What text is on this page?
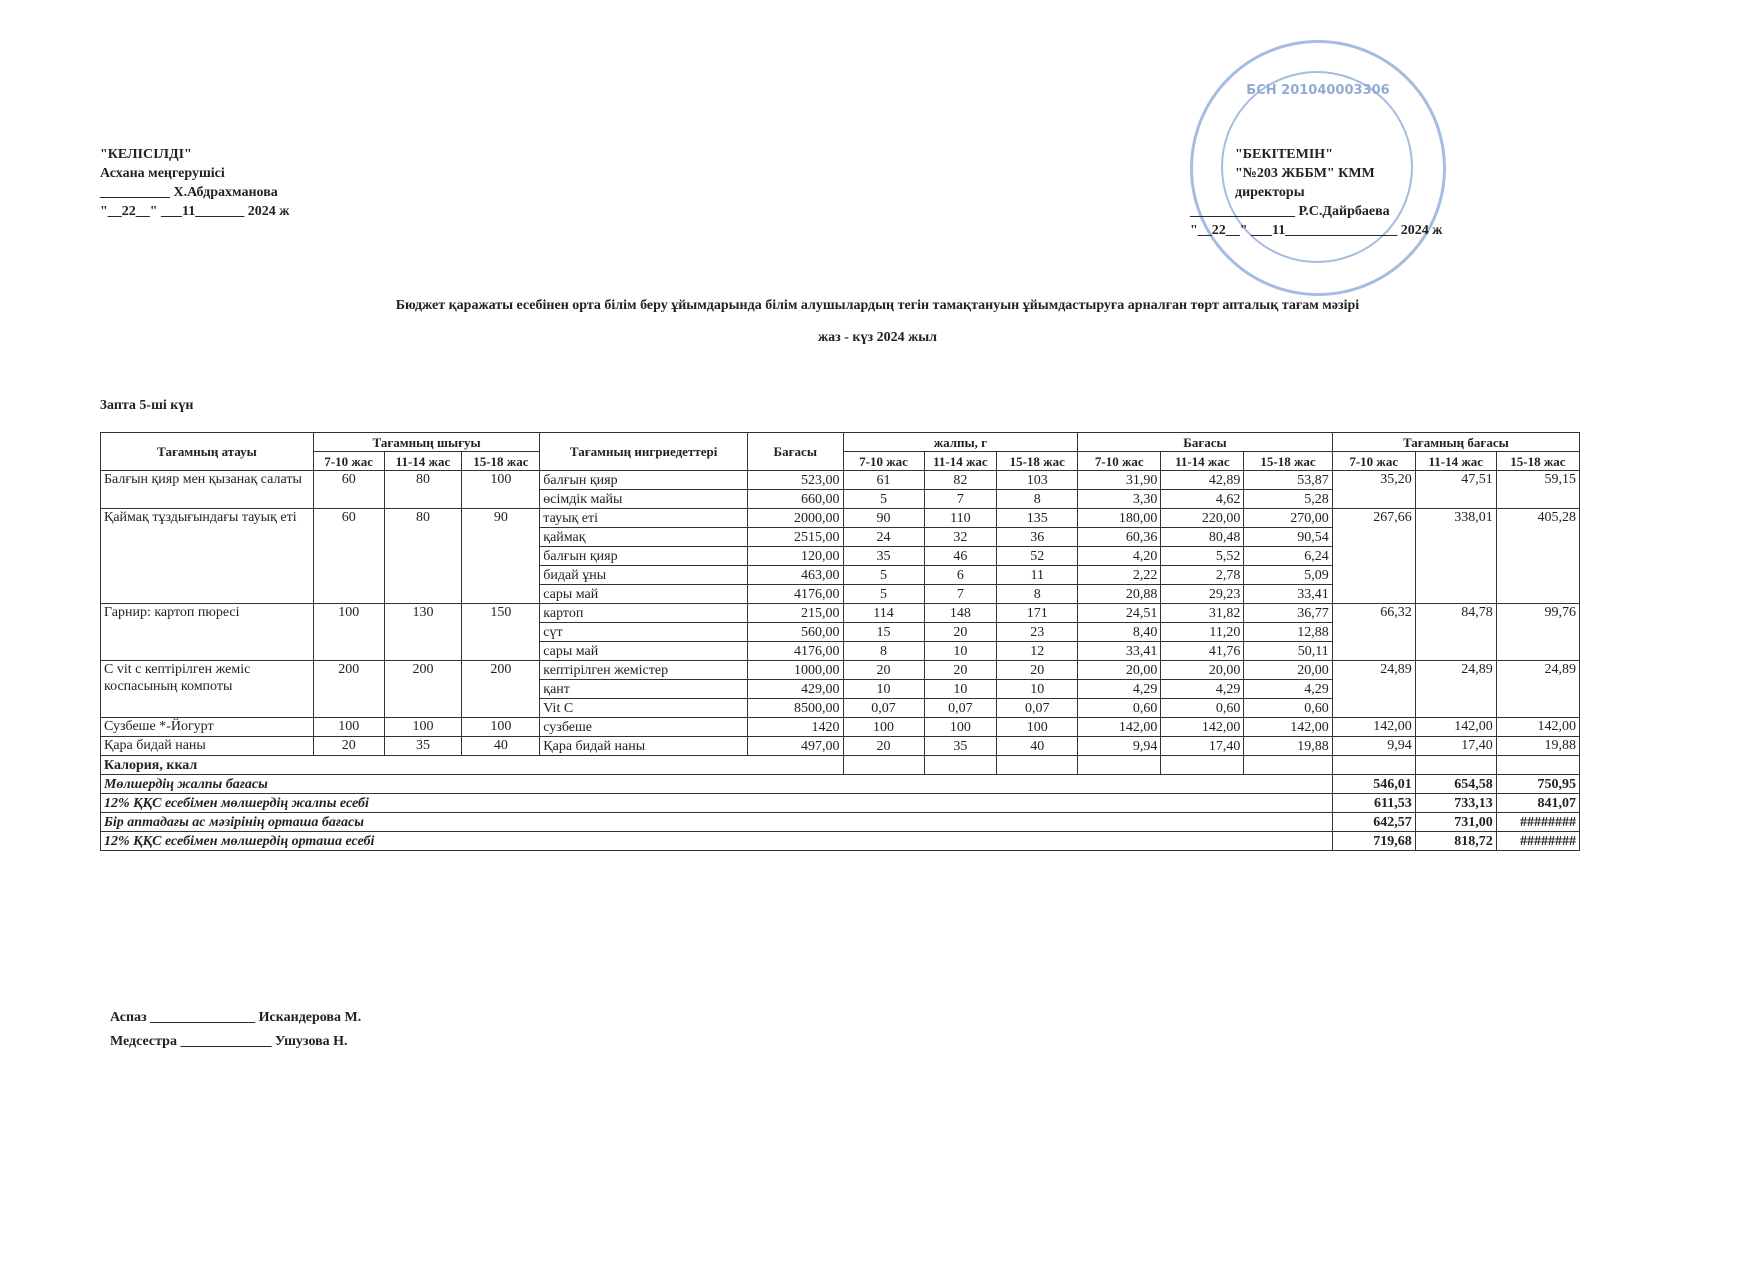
БСН 201040003306
"КЕЛІСІЛДІ"
Асхана меңгерушісі
__________ Х.Абдрахманова
"__22__" ___11_______ 2024 ж
"БЕКІТЕМІН"
"№203 ЖББМ" КММ
директоры
_______________ Р.С.Дайрбаева
"__22__" ___11________________ 2024 ж
Бюджет қаражаты есебінен орта білім беру ұйымдарында білім алушылардың тегін тамақтануын ұйымдастыруға арналған төрт апталық тағам мәзірі
жаз - күз 2024 жыл
3апта 5-ші күн
Тағамның атауы	Тағамның шығуы			Тағамның ингриедеттері	Бағасы	жалпы, г			Бағасы			Тағамның бағасы		
	7-10 жас	11-14 жас	15-18 жас			7-10 жас	11-14 жас	15-18 жас	7-10 жас	11-14 жас	15-18 жас	7-10 жас	11-14 жас	15-18 жас
Балғын қияр мен қызанақ салаты	60	80	100	балғын қияр	523,00	61	82	103	31,90	42,89	53,87	35,20	47,51	59,15
				өсімдік майы	660,00	5	7	8	3,30	4,62	5,28			
Қаймақ тұздығындағы тауық еті	60	80	90	тауық еті	2000,00	90	110	135	180,00	220,00	270,00	267,66	338,01	405,28
				қаймақ	2515,00	24	32	36	60,36	80,48	90,54			
				балғын қияр	120,00	35	46	52	4,20	5,52	6,24			
				бидай ұны	463,00	5	6	11	2,22	2,78	5,09			
				сары май	4176,00	5	7	8	20,88	29,23	33,41			
Гарнир: картоп пюресі	100	130	150	картоп	215,00	114	148	171	24,51	31,82	36,77	66,32	84,78	99,76
				сүт	560,00	15	20	23	8,40	11,20	12,88			
				сары май	4176,00	8	10	12	33,41	41,76	50,11			
С vit с кептірілген жеміс коспасының компоты	200	200	200	кептірілген жемістер	1000,00	20	20	20	20,00	20,00	20,00	24,89	24,89	24,89
				қант	429,00	10	10	10	4,29	4,29	4,29			
				Vit C	8500,00	0,07	0,07	0,07	0,60	0,60	0,60			
Сузбеше *-Йогурт	100	100	100	сузбеше	1420	100	100	100	142,00	142,00	142,00	142,00	142,00	142,00
Қара бидай наны	20	35	40	Қара бидай наны	497,00	20	35	40	9,94	17,40	19,88	9,94	17,40	19,88
Калория, ккал														
Мөлшердің жалпы бағасы												546,01	654,58	750,95
12% ҚҚС есебімен мөлшердің жалпы есебі												611,53	733,13	841,07
Бір аптадағы ас мәзірінің орташа бағасы												642,57	731,00	########
12% ҚҚС есебімен мөлшердің орташа есебі												719,68	818,72	########
Аспаз _______________ Искандерова М.
Медсестра _____________ Ушузова Н.
